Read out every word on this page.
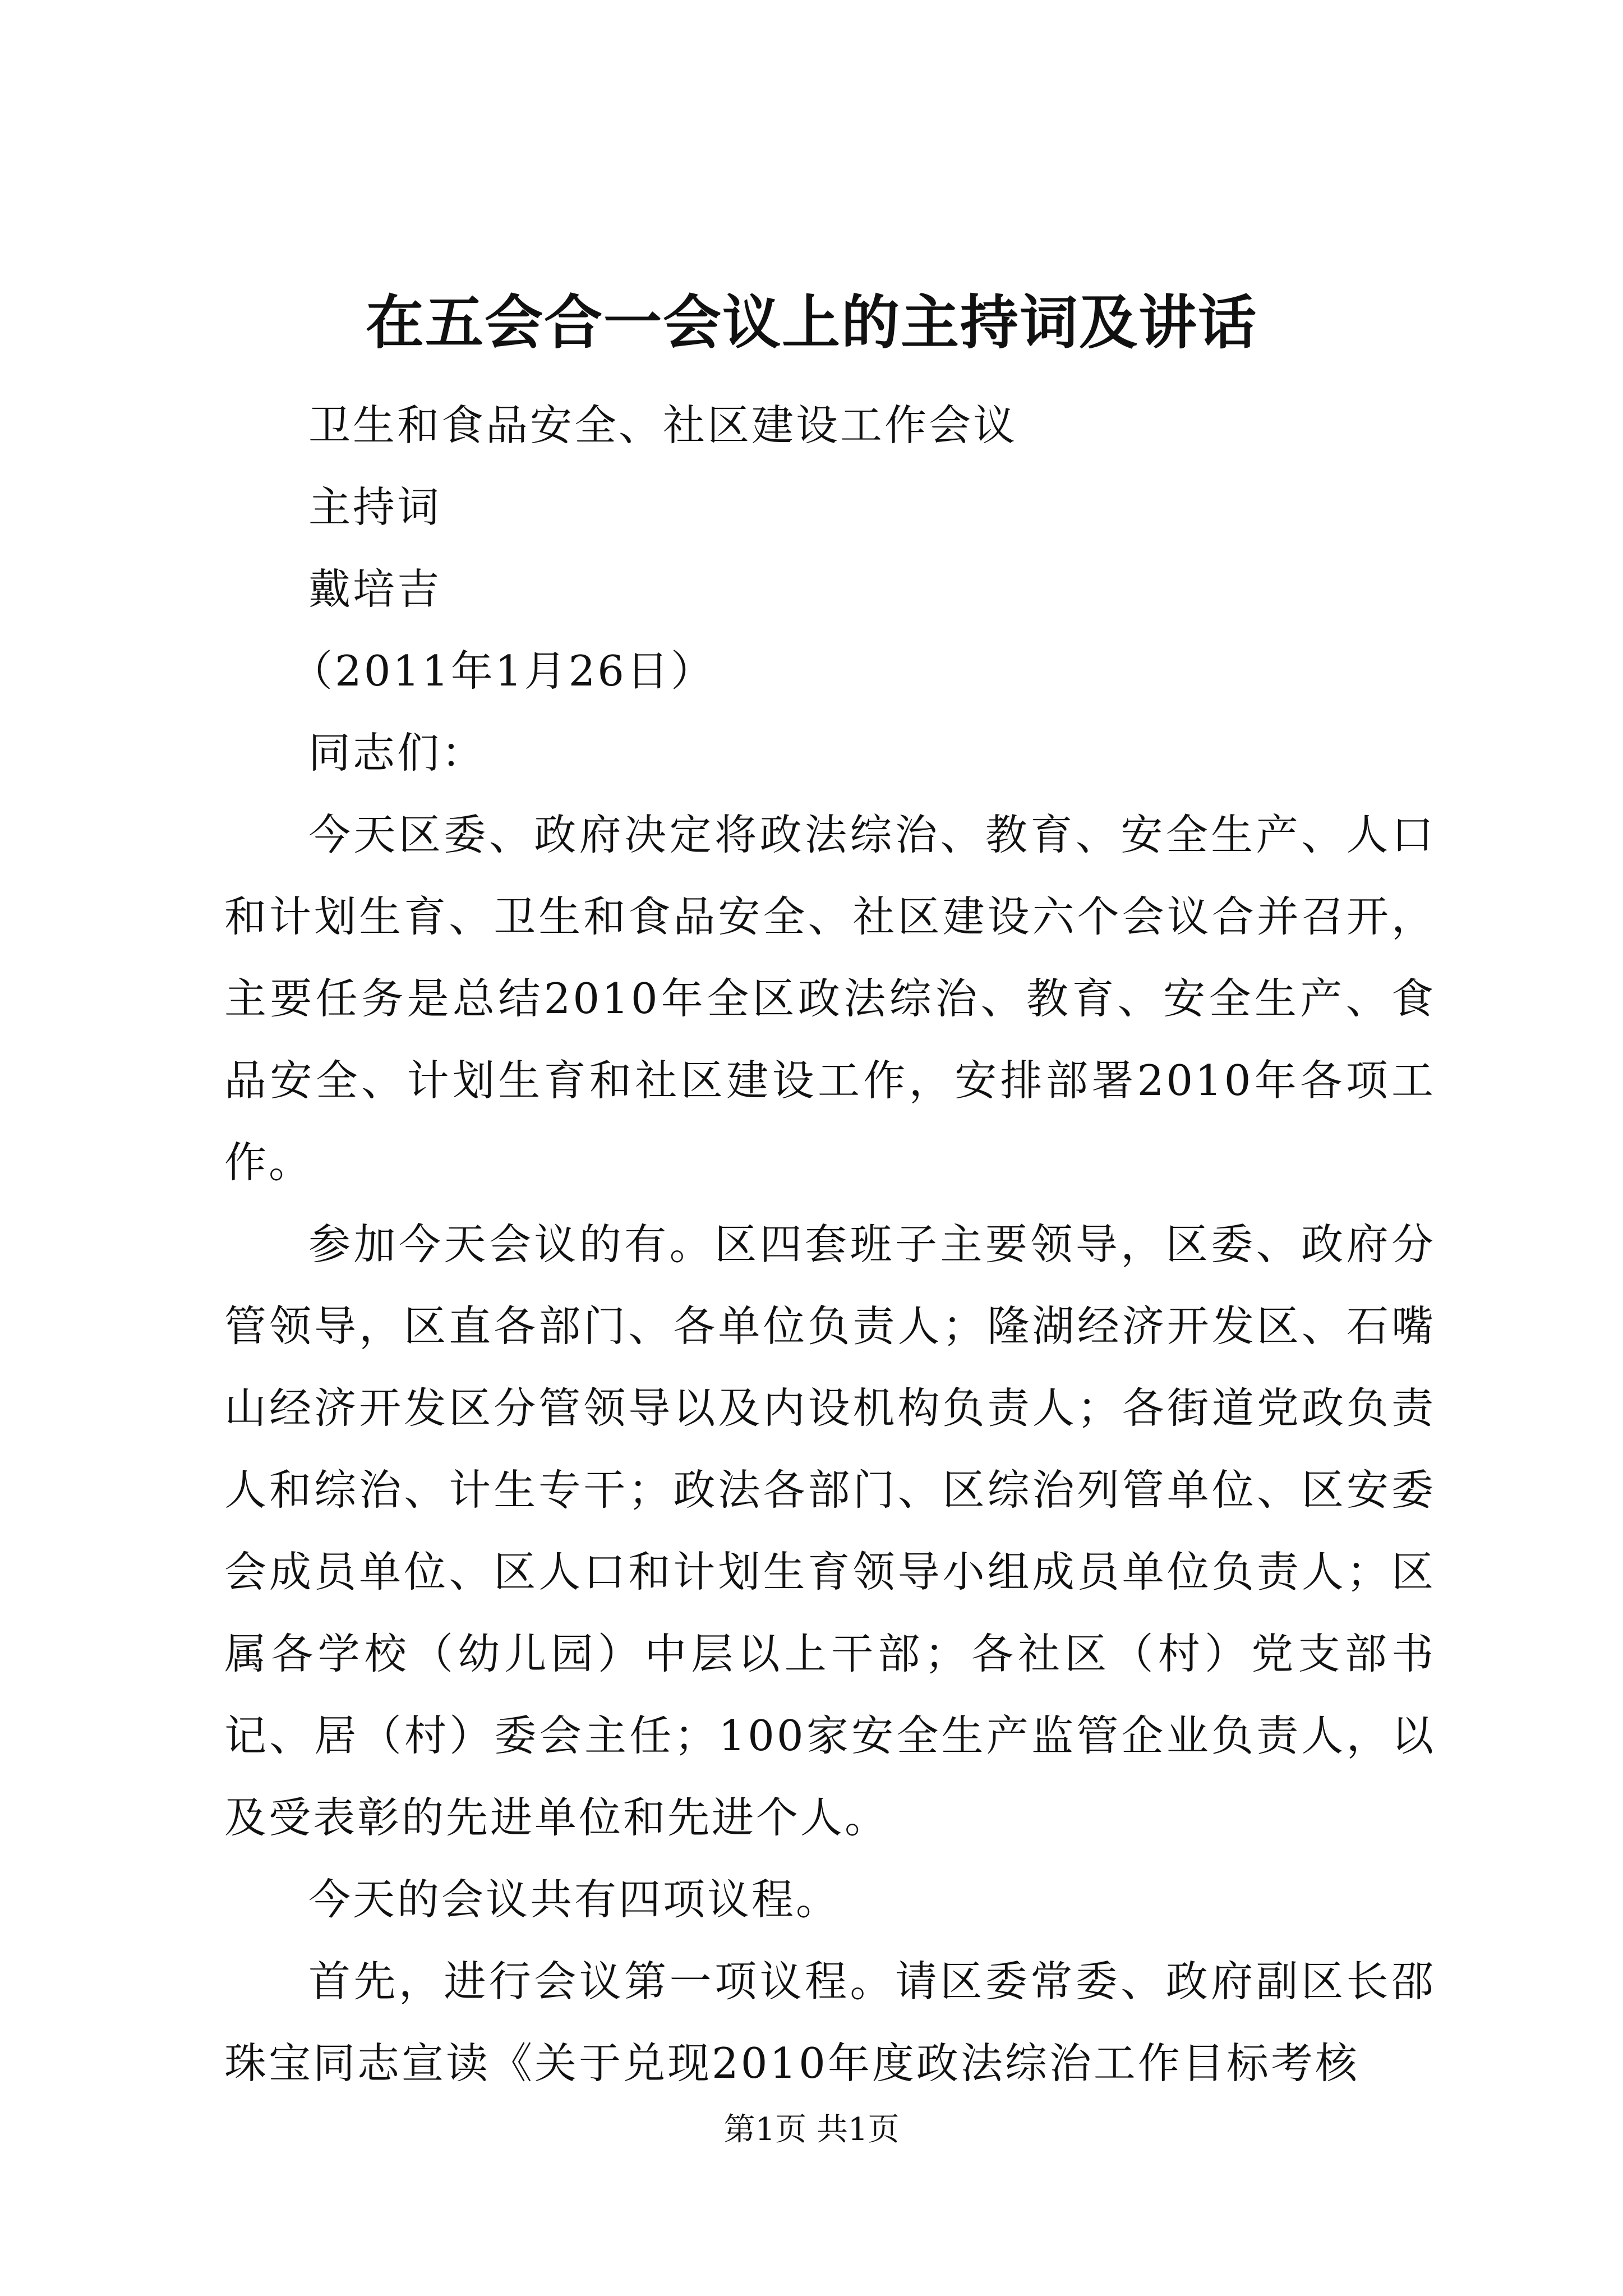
在五会合一会议上的主持词及讲话

卫生和食品安全、社区建设工作会议

主持词

戴培吉

（2011年1月26日）

同志们：

今天区委、政府决定将政法综治、教育、安全生产、人口和计划生育、卫生和食品安全、社区建设六个会议合并召开，主要任务是总结2010年全区政法综治、教育、安全生产、食品安全、计划生育和社区建设工作，安排部署2010年各项工作。

参加今天会议的有。区四套班子主要领导，区委、政府分管领导，区直各部门、各单位负责人；隆湖经济开发区、石嘴山经济开发区分管领导以及内设机构负责人；各街道党政负责人和综治、计生专干；政法各部门、区综治列管单位、区安委会成员单位、区人口和计划生育领导小组成员单位负责人；区属各学校（幼儿园）中层以上干部；各社区（村）党支部书记、居（村）委会主任；100家安全生产监管企业负责人，以及受表彰的先进单位和先进个人。

今天的会议共有四项议程。

首先，进行会议第一项议程。请区委常委、政府副区长邵珠宝同志宣读《关于兑现2010年度政法综治工作目标考核

第1页 共1页
